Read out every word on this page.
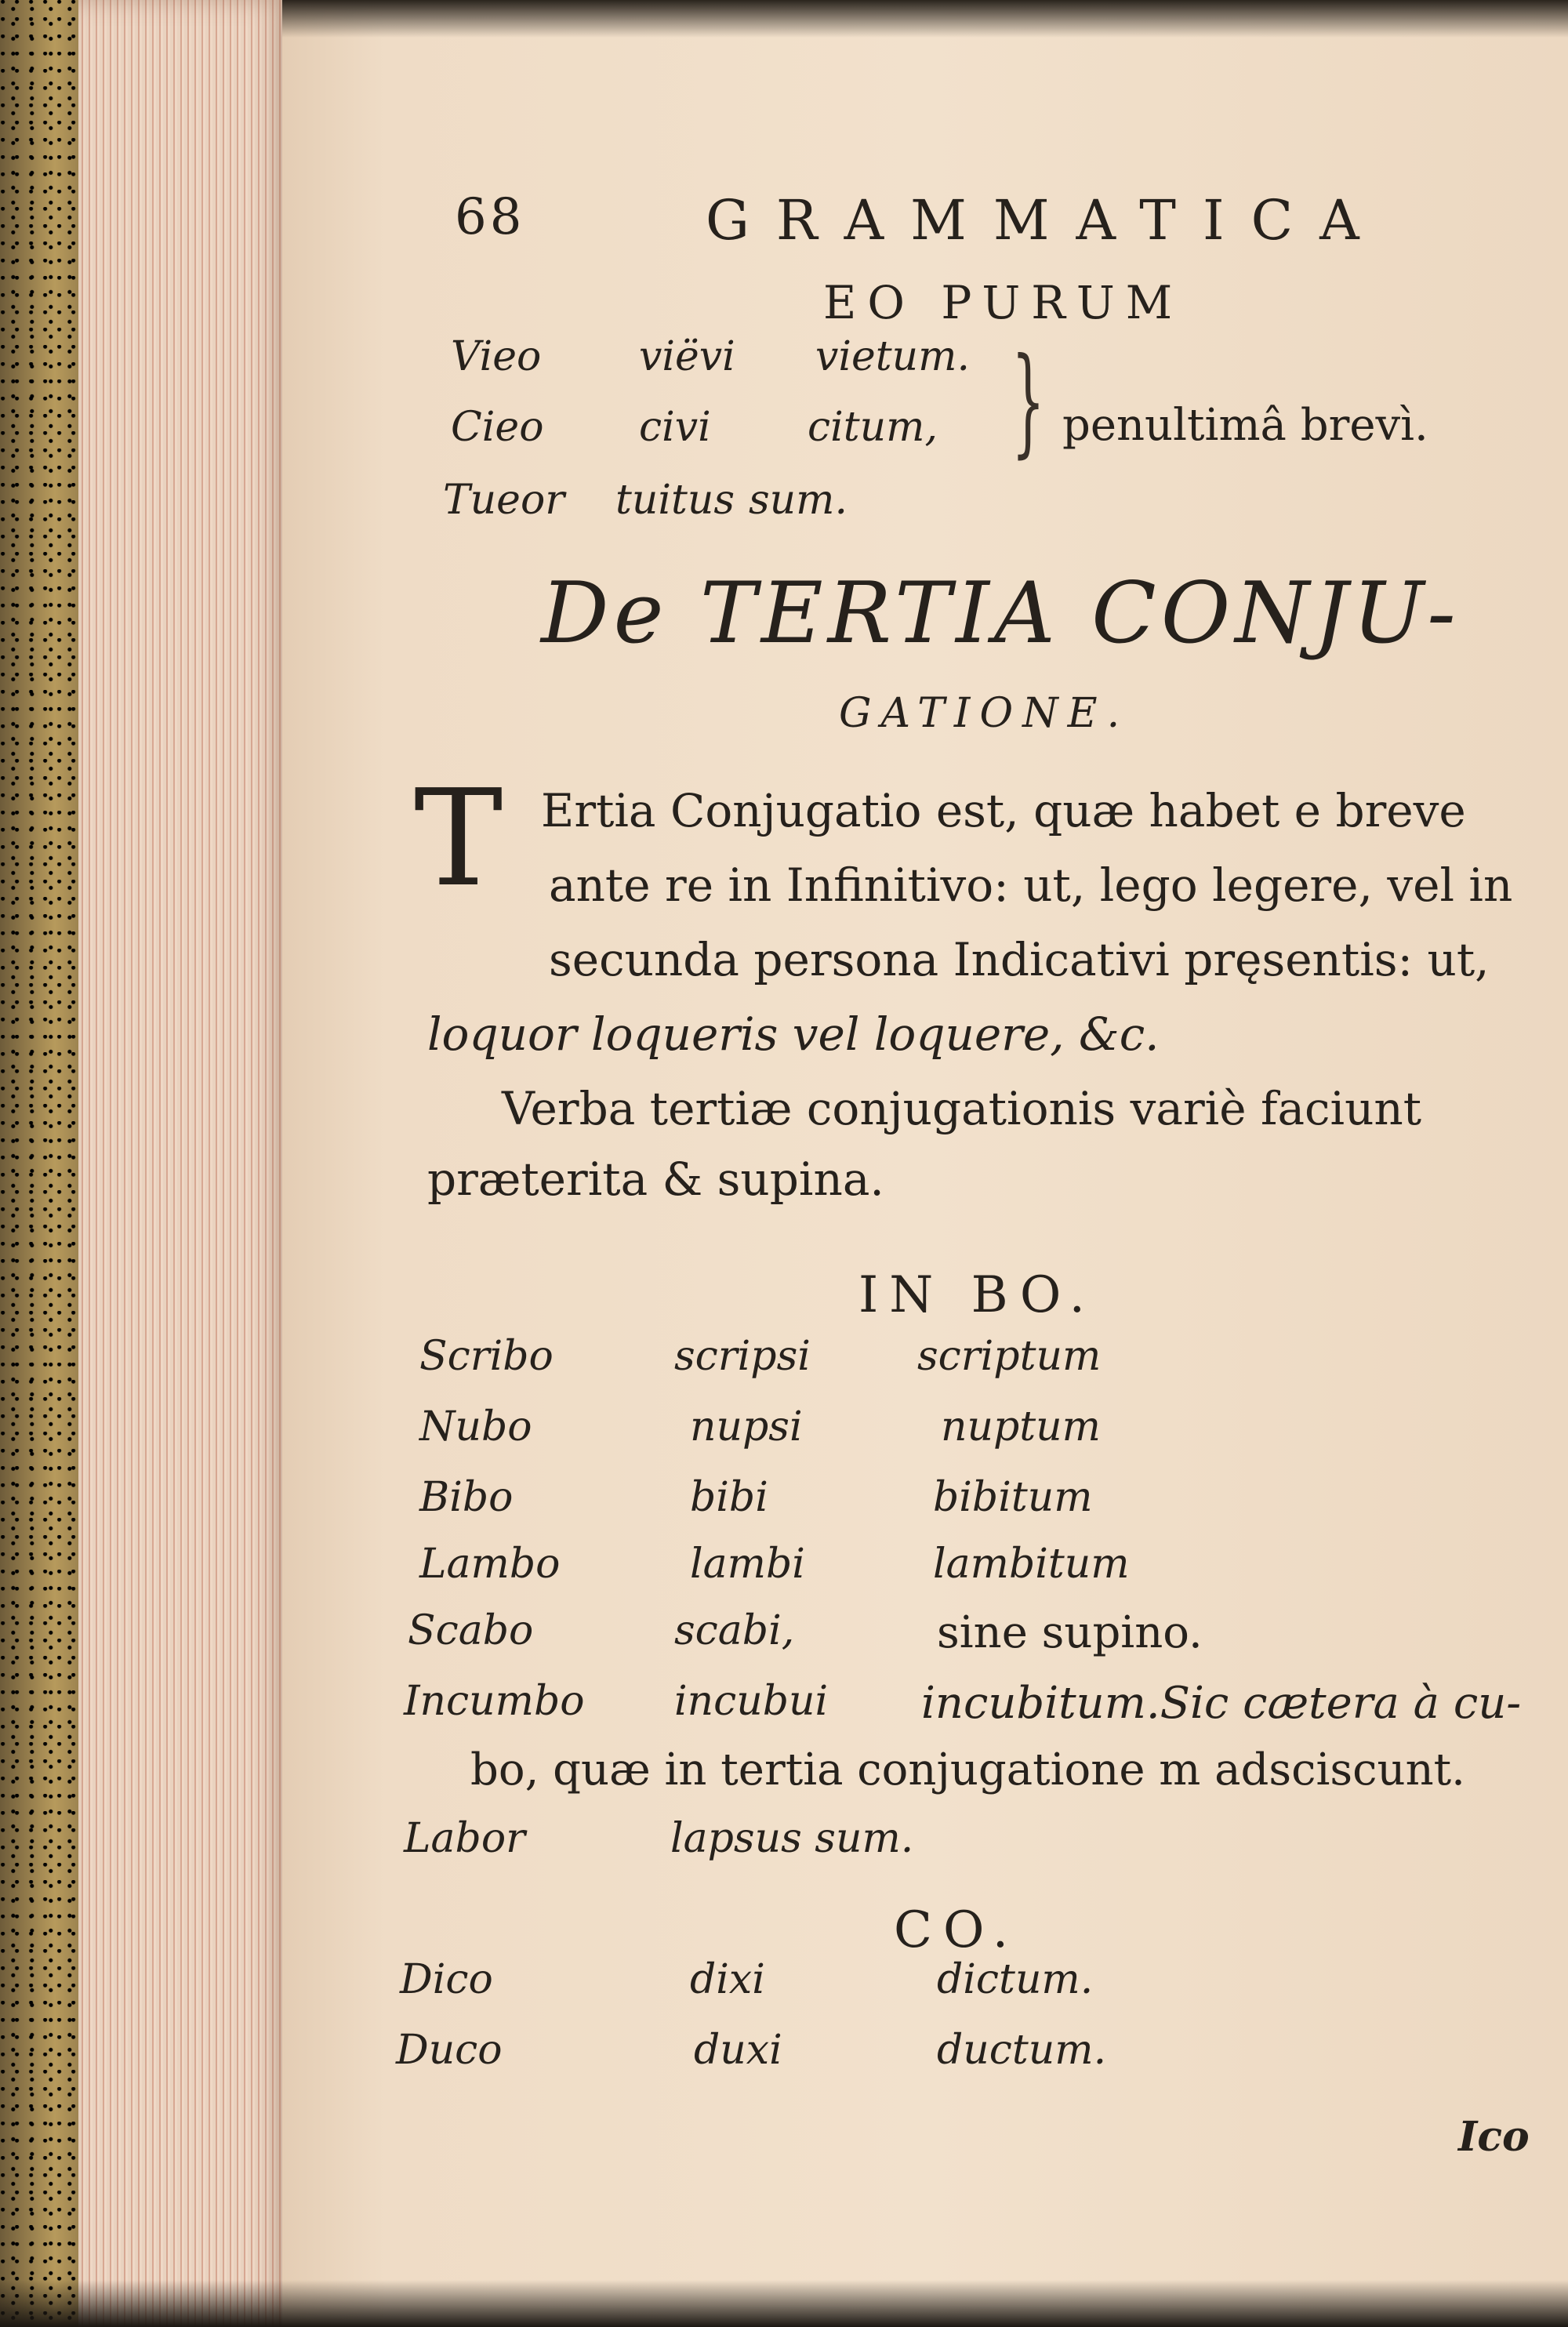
68	GRAMMATICA
EO PURUM
Vieo viëvi vietum.
Cieo civi citum,
Tueor tuitus sum.
} penultimâ brevì.
De TERTIA CONJU-
GATIONE.
T Ertia Conjugatio est, quæ habet e breve
ante re in Infinitivo: ut, lego legere, vel in
secunda persona Indicativi pręsentis: ut,
loquor loqueris vel loquere, &c.
Verba tertiæ conjugationis variè faciunt
præterita & supina.
IN BO.
Scribo	scripsi	scriptum
Nubo	nupsi	nuptum
Bibo	bibi	bibitum
Lambo	lambi	lambitum
Scabo	scabi,	sine supino.
Incumbo incubui incubitum.Sic cætera à cu-
bo, quæ in tertia conjugatione m adsciscunt.
Labor	lapsus sum.
CO.
Dico	dixi	dictum.
Duco	duxi	ductum.
Ico
